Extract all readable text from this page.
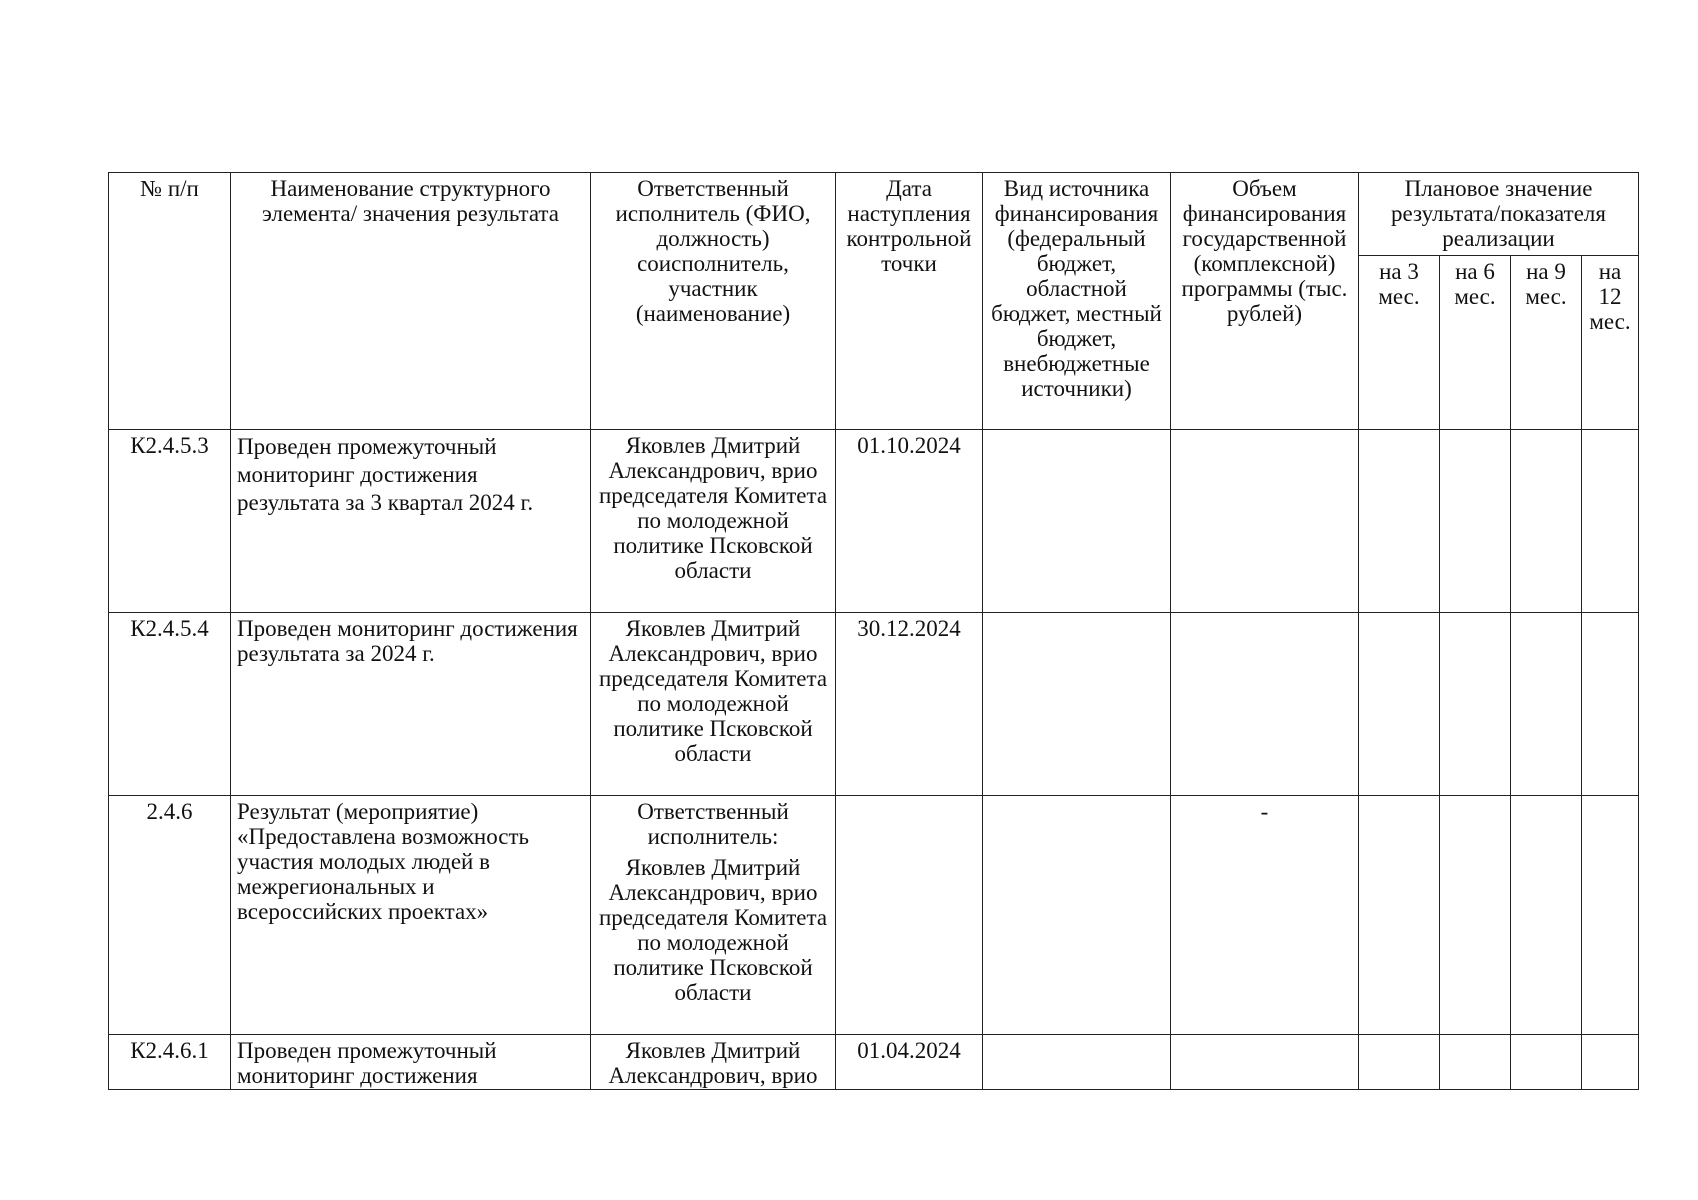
№ п/п	Наименование структурного элемента/ значения результата	Ответственный исполнитель (ФИО, должность) соисполнитель, участник (наименование)	Дата наступления контрольной точки	Вид источника финансирования (федеральный бюджет, областной бюджет, местный бюджет, внебюджетные источники)	Объем финансирования государственной (комплексной) программы (тыс. рублей)	Плановое значение результата/показателя реализации			
						на 3 мес.	на 6 мес.	на 9 мес.	на 12 мес.
К2.4.5.3	Проведен промежуточный мониторинг достижения результата за 3 квартал 2024 г.	Яковлев Дмитрий Александрович, врио председателя Комитета по молодежной политике Псковской области	01.10.2024						
К2.4.5.4	Проведен мониторинг достижения результата за 2024 г.	Яковлев Дмитрий Александрович, врио председателя Комитета по молодежной политике Псковской области	30.12.2024						
2.4.6	Результат (мероприятие) «Предоставлена возможность участия молодых людей в межрегиональных и всероссийских проектах»	Ответственный исполнитель:
Яковлев Дмитрий Александрович, врио председателя Комитета по молодежной политике Псковской области			-				
К2.4.6.1	Проведен промежуточный мониторинг достижения	Яковлев Дмитрий Александрович, врио	01.04.2024						
